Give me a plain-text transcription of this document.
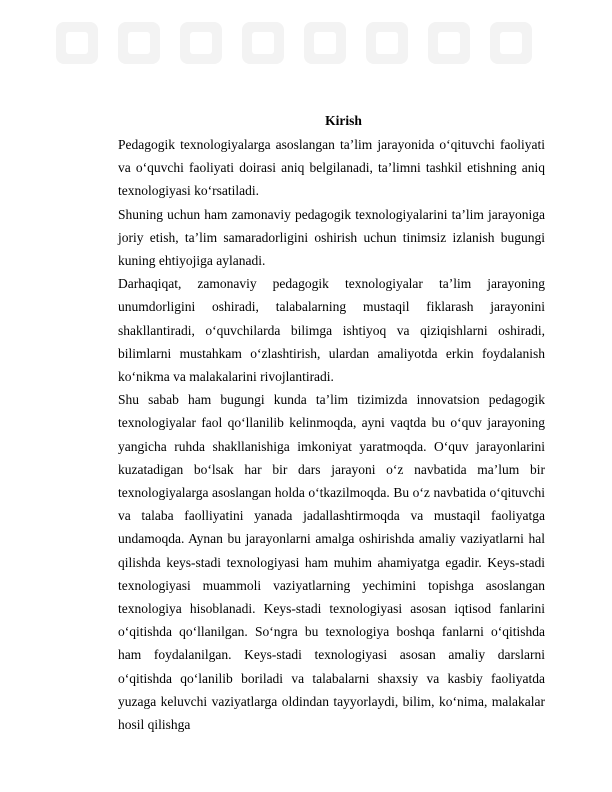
Kirish

Pedagogik texnologiyalarga asoslangan ta’lim jarayonida o‘qituvchi faoliyati va o‘quvchi faoliyati doirasi aniq belgilanadi, ta’limni tashkil etishning aniq texnologiyasi ko‘rsatiladi.

Shuning uchun ham zamonaviy pedagogik texnologiyalarini ta’lim jarayoniga joriy etish, ta’lim samaradorligini oshirish uchun tinimsiz izlanish bugungi kuning ehtiyojiga aylanadi.

Darhaqiqat, zamonaviy pedagogik texnologiyalar ta’lim jarayoning unumdorligini oshiradi, talabalarning mustaqil fiklarash jarayonini shakllantiradi, o‘quvchilarda bilimga ishtiyoq va qiziqishlarni oshiradi, bilimlarni mustahkam o‘zlashtirish, ulardan amaliyotda erkin foydalanish ko‘nikma va malakalarini rivojlantiradi.

Shu sabab ham bugungi kunda ta’lim tizimizda innovatsion pedagogik texnologiyalar faol qo‘llanilib kelinmoqda, ayni vaqtda bu o‘quv jarayoning yangicha ruhda shakllanishiga imkoniyat yaratmoqda. O‘quv jarayonlarini kuzatadigan bo‘lsak har bir dars jarayoni o‘z navbatida ma’lum bir texnologiyalarga asoslangan holda o‘tkazilmoqda. Bu o‘z navbatida o‘qituvchi va talaba faolliyatini yanada jadallashtirmoqda va mustaqil faoliyatga undamoqda. Aynan bu jarayonlarni amalga oshirishda amaliy vaziyatlarni hal qilishda keys-stadi texnologiyasi ham muhim ahamiyatga egadir. Keys-stadi texnologiyasi muammoli vaziyatlarning yechimini topishga asoslangan texnologiya hisoblanadi. Keys-stadi texnologiyasi asosan iqtisod fanlarini o‘qitishda qo‘llanilgan. So‘ngra bu texnologiya boshqa fanlarni o‘qitishda ham foydalanilgan. Keys-stadi texnologiyasi asosan amaliy darslarni o‘qitishda qo‘lanilib boriladi va talabalarni shaxsiy va kasbiy faoliyatda yuzaga keluvchi vaziyatlarga oldindan tayyorlaydi, bilim, ko‘nima, malakalar hosil qilishga
